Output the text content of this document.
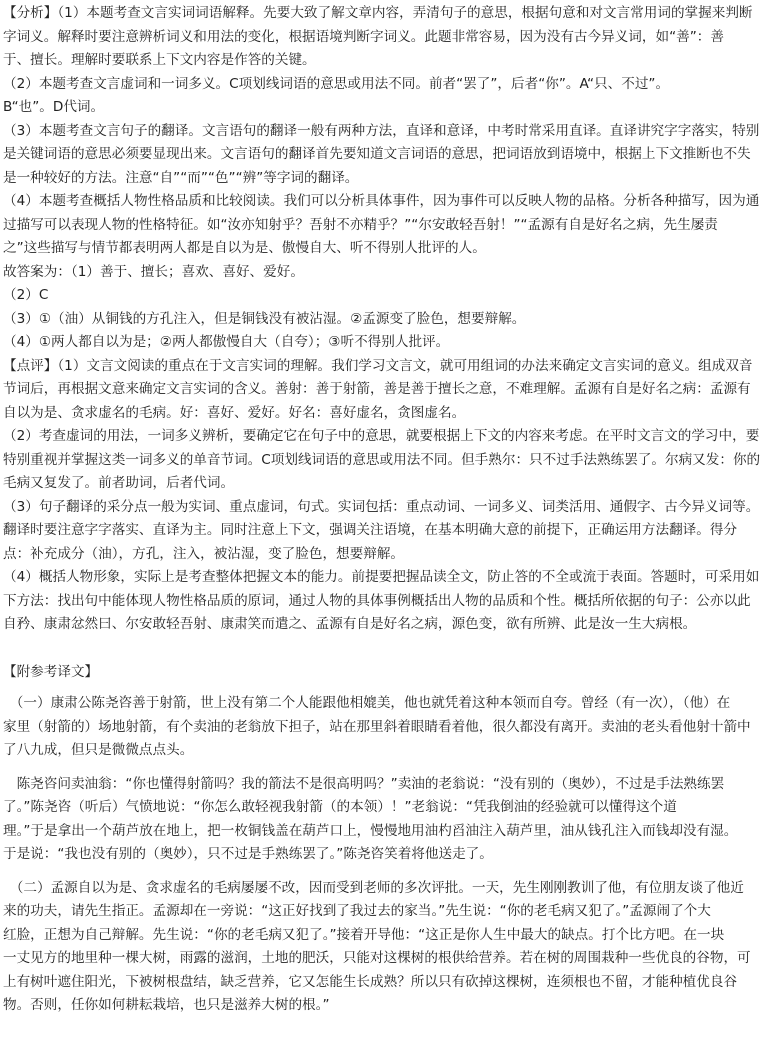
【分析】（1）本题考查文言实词词语解释。先要大致了解文章内容，弄清句子的意思，根据句意和对文言常用词的掌握来判断
字词义。解释时要注意辨析词义和用法的变化，根据语境判断字词义。此题非常容易，因为没有古今异义词，如“善”：善
于、擅长。理解时要联系上下文内容是作答的关键。
（2）本题考查文言虚词和一词多义。C项划线词语的意思或用法不同。前者“罢了”，后者“你”。A“只、不过”。
B“也”。D代词。
（3）本题考查文言句子的翻译。文言语句的翻译一般有两种方法，直译和意译，中考时常采用直译。直译讲究字字落实，特别
是关键词语的意思必须要显现出来。文言语句的翻译首先要知道文言词语的意思，把词语放到语境中，根据上下文推断也不失
是一种较好的方法。注意“自”“而”“色”“辨”等字词的翻译。
（4）本题考查概括人物性格品质和比较阅读。我们可以分析具体事件，因为事件可以反映人物的品格。分析各种描写，因为通
过描写可以表现人物的性格特征。如“汝亦知射乎？吾射不亦精乎？”“尔安敢轻吾射！”“孟源有自是好名之病，先生屡责
之”这些描写与情节都表明两人都是自以为是、傲慢自大、听不得别人批评的人。
故答案为：（1）善于、擅长；喜欢、喜好、爱好。
（2）C
（3）①（油）从铜钱的方孔注入，但是铜钱没有被沾湿。②孟源变了脸色，想要辩解。
（4）①两人都自以为是；②两人都傲慢自大（自夸）；③听不得别人批评。
【点评】（1）文言文阅读的重点在于文言实词的理解。我们学习文言文，就可用组词的办法来确定文言实词的意义。组成双音
节词后，再根据文意来确定文言实词的含义。善射：善于射箭，善是善于擅长之意，不难理解。孟源有自是好名之病：孟源有
自以为是、贪求虚名的毛病。好：喜好、爱好。好名：喜好虚名，贪图虚名。
（2）考查虚词的用法，一词多义辨析，要确定它在句子中的意思，就要根据上下文的内容来考虑。在平时文言文的学习中，要
特别重视并掌握这类一词多义的单音节词。C项划线词语的意思或用法不同。但手熟尔：只不过手法熟练罢了。尔病又发：你的
毛病又复发了。前者助词，后者代词。
（3）句子翻译的采分点一般为实词、重点虚词，句式。实词包括：重点动词、一词多义、词类活用、通假字、古今异义词等。
翻译时要注意字字落实、直译为主。同时注意上下文，强调关注语境，在基本明确大意的前提下，正确运用方法翻译。得分
点：补充成分（油），方孔，注入，被沾湿，变了脸色，想要辩解。
（4）概括人物形象，实际上是考查整体把握文本的能力。前提要把握品读全文，防止答的不全或流于表面。答题时，可采用如
下方法：找出句中能体现人物性格品质的原词，通过人物的具体事例概括出人物的品质和个性。概括所依据的句子：公亦以此
自矜、康肃忿然曰、尔安敢轻吾射、康肃笑而遣之、孟源有自是好名之病，源色变，欲有所辨、此是汝一生大病根。
【附参考译文】
　（一）康肃公陈尧咨善于射箭，世上没有第二个人能跟他相媲美，他也就凭着这种本领而自夸。曾经（有一次），（他）在
家里（射箭的）场地射箭，有个卖油的老翁放下担子，站在那里斜着眼睛看着他，很久都没有离开。卖油的老头看他射十箭中
了八九成，但只是微微点点头。
　陈尧咨问卖油翁：“你也懂得射箭吗？我的箭法不是很高明吗？”卖油的老翁说：“没有别的（奥妙），不过是手法熟练罢
了。”陈尧咨（听后）气愤地说：“你怎么敢轻视我射箭（的本领）！”老翁说：“凭我倒油的经验就可以懂得这个道
理。”于是拿出一个葫芦放在地上，把一枚铜钱盖在葫芦口上，慢慢地用油杓舀油注入葫芦里，油从钱孔注入而钱却没有湿。
于是说：“我也没有别的（奥妙），只不过是手熟练罢了。”陈尧咨笑着将他送走了。
　（二）孟源自以为是、贪求虚名的毛病屡屡不改，因而受到老师的多次评批。一天，先生刚刚教训了他，有位朋友谈了他近
来的功夫，请先生指正。孟源却在一旁说：“这正好找到了我过去的家当。”先生说：“你的老毛病又犯了。”孟源闹了个大
红脸，正想为自己辩解。先生说：“你的老毛病又犯了。”接着开导他：“这正是你人生中最大的缺点。打个比方吧。在一块
一丈见方的地里种一棵大树，雨露的滋润，土地的肥沃，只能对这棵树的根供给营养。若在树的周围栽种一些优良的谷物，可
上有树叶遮住阳光，下被树根盘结，缺乏营养，它又怎能生长成熟？所以只有砍掉这棵树，连须根也不留，才能种植优良谷
物。否则，任你如何耕耘栽培，也只是滋养大树的根。”
